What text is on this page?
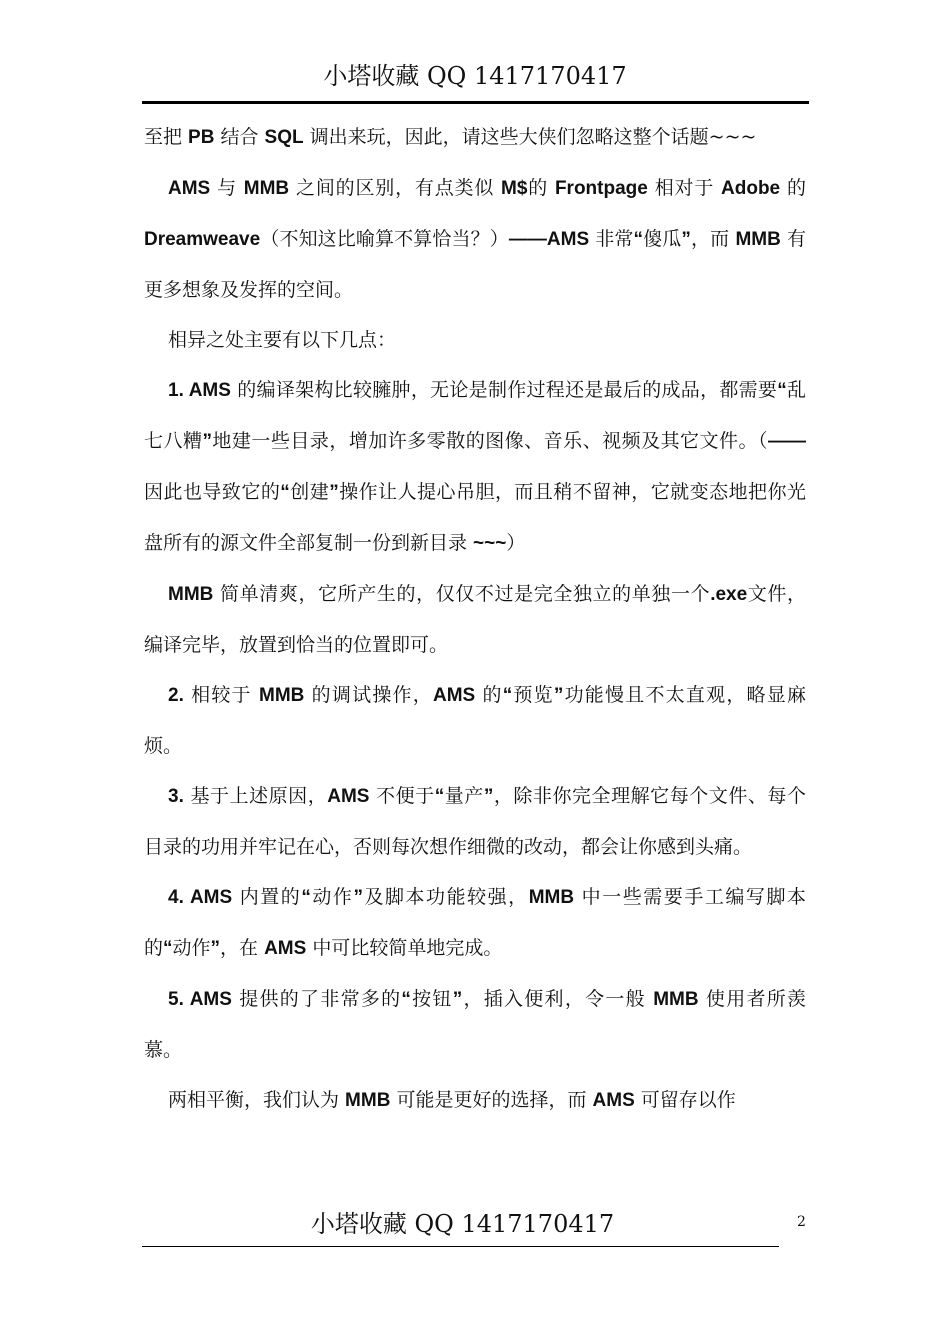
小塔收藏 QQ 1417170417

至把 PB 结合 SQL 调出来玩，因此，请这些大侠们忽略这整个话题~~~

AMS 与 MMB 之间的区别，有点类似 M$的 Frontpage 相对于 Adobe 的 Dreamweave（不知这比喻算不算恰当？）——AMS 非常“傻瓜”，而 MMB 有更多想象及发挥的空间。

相异之处主要有以下几点：

1. AMS 的编译架构比较臃肿，无论是制作过程还是最后的成品，都需要“乱七八糟”地建一些目录，增加许多零散的图像、音乐、视频及其它文件。（——因此也导致它的“创建”操作让人提心吊胆，而且稍不留神，它就变态地把你光盘所有的源文件全部复制一份到新目录 ~~~）

MMB 简单清爽，它所产生的，仅仅不过是完全独立的单独一个.exe文件，编译完毕，放置到恰当的位置即可。

2. 相较于 MMB 的调试操作，AMS 的“预览”功能慢且不太直观，略显麻烦。

3. 基于上述原因，AMS 不便于“量产”，除非你完全理解它每个文件、每个目录的功用并牢记在心，否则每次想作细微的改动，都会让你感到头痛。

4. AMS 内置的“动作”及脚本功能较强，MMB 中一些需要手工编写脚本的“动作”，在 AMS 中可比较简单地完成。

5. AMS 提供的了非常多的“按钮”，插入便利，令一般 MMB 使用者所羡慕。

两相平衡，我们认为 MMB 可能是更好的选择，而 AMS 可留存以作

小塔收藏 QQ 1417170417	2
